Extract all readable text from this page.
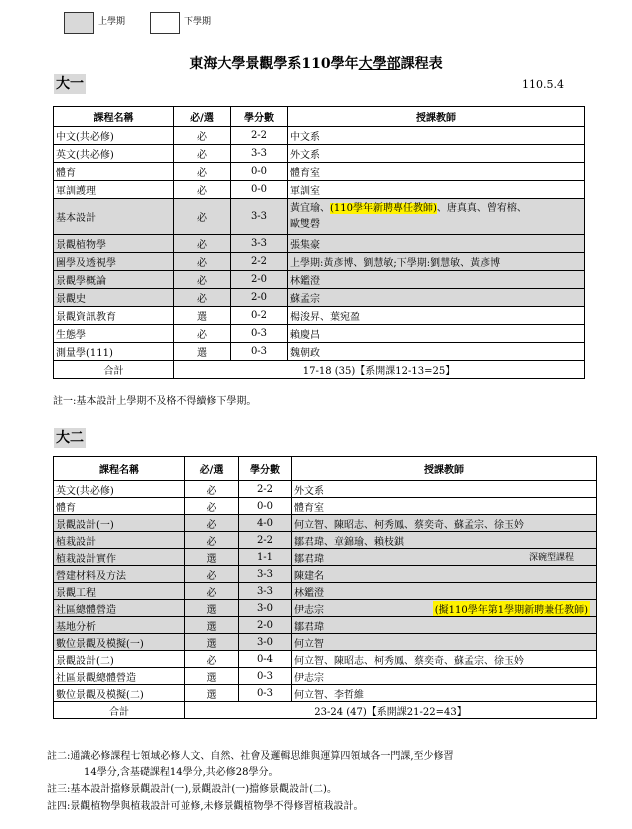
上學期	下學期
東海大學景觀學系110學年大學部課程表
大一	110.5.4
課程名稱	必/選	學分數	授課教師
中文(共必修)	必	2-2	中文系
英文(共必修)	必	3-3	外文系
體育	必	0-0	體育室
軍訓護理	必	0-0	軍訓室
基本設計	必	3-3	黃宜瑜、(110學年新聘專任教師)、唐真真、曾宥榕、
歐雙磬
景觀植物學	必	3-3	張集豪
圖學及透視學	必	2-2	上學期:黃彥博、劉慧敏;下學期:劉慧敏、黃彥博
景觀學概論	必	2-0	林鑑澄
景觀史	必	2-0	蘇孟宗
景觀資訊教育	選	0-2	楊浚昇、葉宛盈
生態學	必	0-3	賴慶昌
測量學(111)	選	0-3	魏朝政
合計	17-18 (35)【系開課12-13=25】		
註一:基本設計上學期不及格不得續修下學期。
大二
課程名稱	必/選	學分數	授課教師
英文(共必修)	必	2-2	外文系
體育	必	0-0	體育室
景觀設計(一)	必	4-0	何立智、陳昭志、柯秀鳳、蔡奕奇、蘇孟宗、徐玉妗
植栽設計	必	2-2	鄒君瑋、章錦瑜、賴枝錤
植栽設計實作	選	1-1	鄒君瑋 深碗型課程

營建材料及方法	必	3-3	陳建名
景觀工程	必	3-3	林鑑澄
社區總體營造	選	3-0	伊志宗 (擬110學年第1學期新聘兼任教師)

基地分析	選	2-0	鄒君瑋
數位景觀及模擬(一)	選	3-0	何立智
景觀設計(二)	必	0-4	何立智、陳昭志、柯秀鳳、蔡奕奇、蘇孟宗、徐玉妗
社區景觀總體營造	選	0-3	伊志宗
數位景觀及模擬(二)	選	0-3	何立智、李哲維
合計	23-24 (47)【系開課21-22=43】		
註二:通識必修課程七領域必修人文、自然、社會及邏輯思維與運算四領域各一門課,至少修習
14學分,含基礎課程14學分,共必修28學分。
註三:基本設計擋修景觀設計(一),景觀設計(一)擋修景觀設計(二)。
註四:景觀植物學與植栽設計可並修,未修景觀植物學不得修習植栽設計。
